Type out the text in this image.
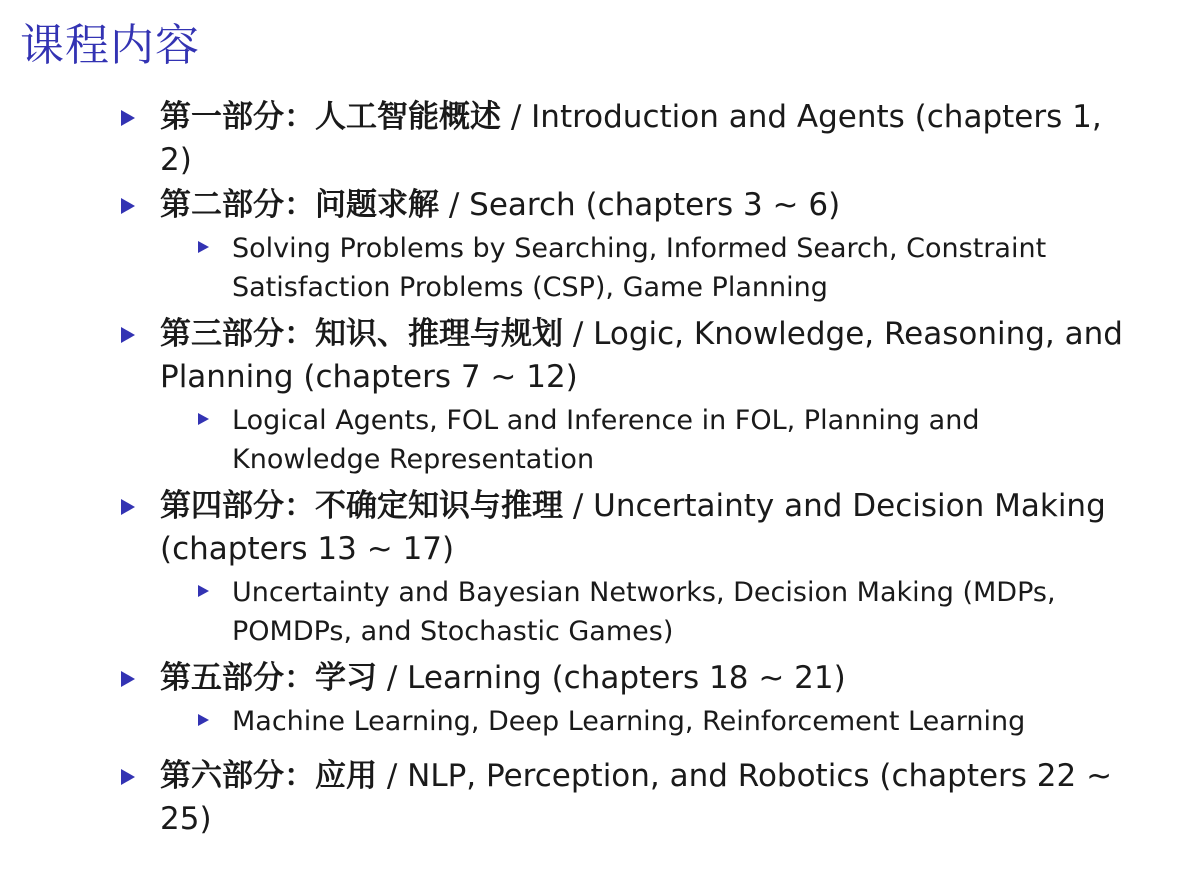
课程内容
第一部分：人工智能概述 / Introduction and Agents (chapters 1, 2)
第二部分：问题求解 / Search (chapters 3 ∼ 6)
Solving Problems by Searching, Informed Search, Constraint Satisfaction Problems (CSP), Game Planning
第三部分：知识、推理与规划 / Logic, Knowledge, Reasoning, and Planning (chapters 7 ∼ 12)
Logical Agents, FOL and Inference in FOL, Planning and Knowledge Representation
第四部分：不确定知识与推理 / Uncertainty and Decision Making (chapters 13 ∼ 17)
Uncertainty and Bayesian Networks, Decision Making (MDPs, POMDPs, and Stochastic Games)
第五部分：学习 / Learning (chapters 18 ∼ 21)
Machine Learning, Deep Learning, Reinforcement Learning
第六部分：应用 / NLP, Perception, and Robotics (chapters 22 ∼ 25)
